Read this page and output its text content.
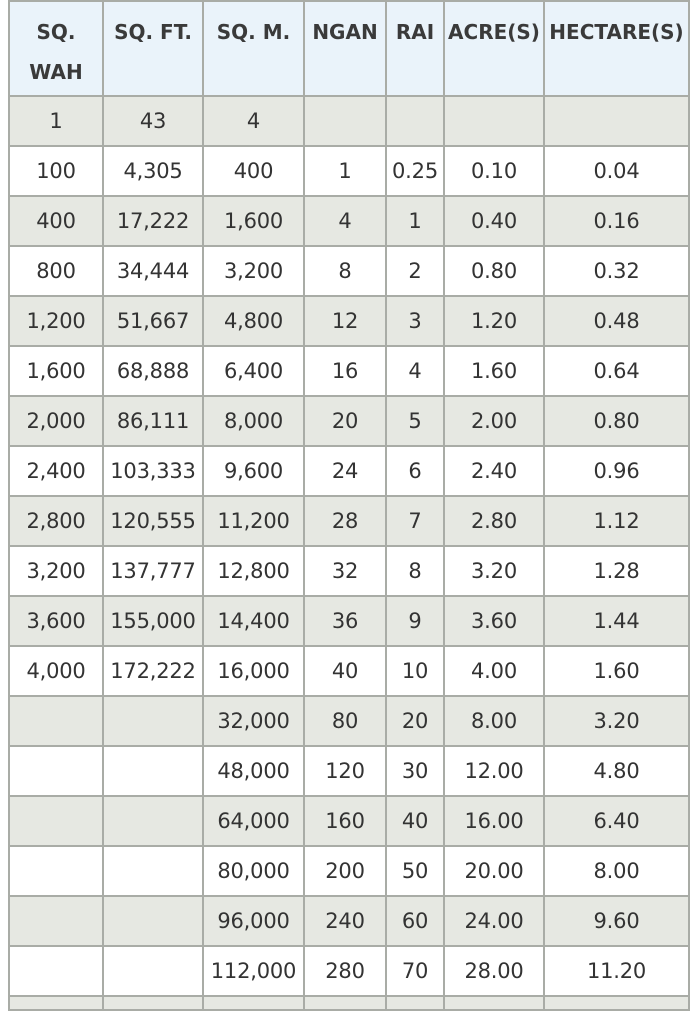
SQ. WAH	SQ. FT.	SQ. M.	NGAN	RAI	ACRE(S)	HECTARE(S)
1	43	4				
100	4,305	400	1	0.25	0.10	0.04
400	17,222	1,600	4	1	0.40	0.16
800	34,444	3,200	8	2	0.80	0.32
1,200	51,667	4,800	12	3	1.20	0.48
1,600	68,888	6,400	16	4	1.60	0.64
2,000	86,111	8,000	20	5	2.00	0.80
2,400	103,333	9,600	24	6	2.40	0.96
2,800	120,555	11,200	28	7	2.80	1.12
3,200	137,777	12,800	32	8	3.20	1.28
3,600	155,000	14,400	36	9	3.60	1.44
4,000	172,222	16,000	40	10	4.00	1.60
		32,000	80	20	8.00	3.20
		48,000	120	30	12.00	4.80
		64,000	160	40	16.00	6.40
		80,000	200	50	20.00	8.00
		96,000	240	60	24.00	9.60
		112,000	280	70	28.00	11.20
